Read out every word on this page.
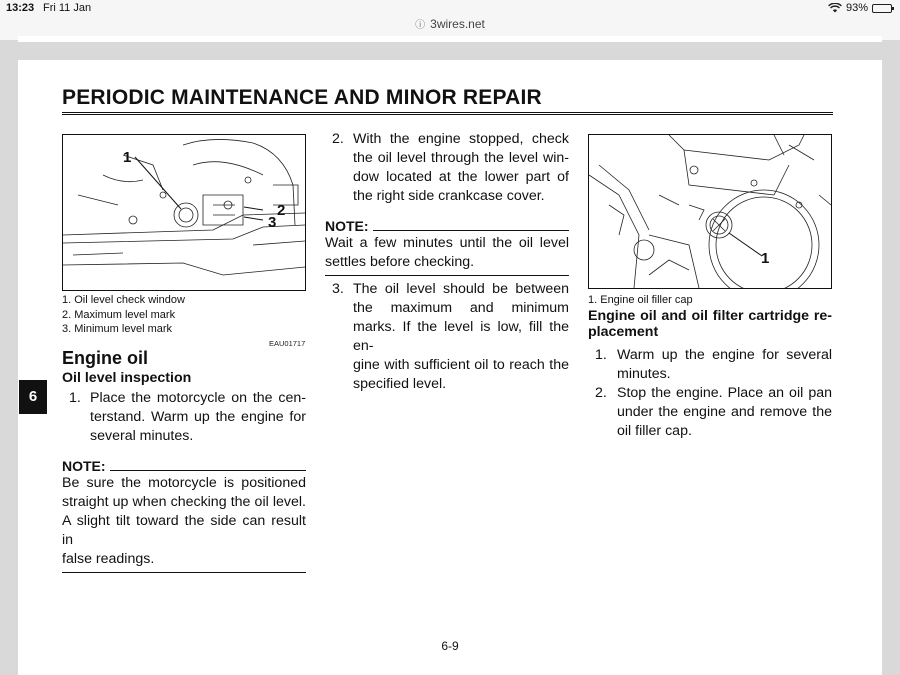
13:23 Fri 11 Jan
ⓘ 3wires.net
93%
PERIODIC MAINTENANCE AND MINOR REPAIR
6
1
2
3
1. Oil level check window
2. Maximum level mark
3. Minimum level mark
EAU01717
Engine oil
Oil level inspection
1. Place the motorcycle on the cen-
terstand. Warm up the engine for
several minutes.
NOTE:
Be sure the motorcycle is positioned
straight up when checking the oil level.
A slight tilt toward the side can result in
false readings.
2. With the engine stopped, check
the oil level through the level win-
dow located at the lower part of
the right side crankcase cover.
NOTE:
Wait a few minutes until the oil level
settles before checking.
3. The oil level should be between
the maximum and minimum
marks. If the level is low, fill the en-
gine with sufficient oil to reach the
specified level.
1
1. Engine oil filler cap
Engine oil and oil filter cartridge re-
placement
1. Warm up the engine for several
minutes.
2. Stop the engine. Place an oil pan
under the engine and remove the
oil filler cap.
6-9
